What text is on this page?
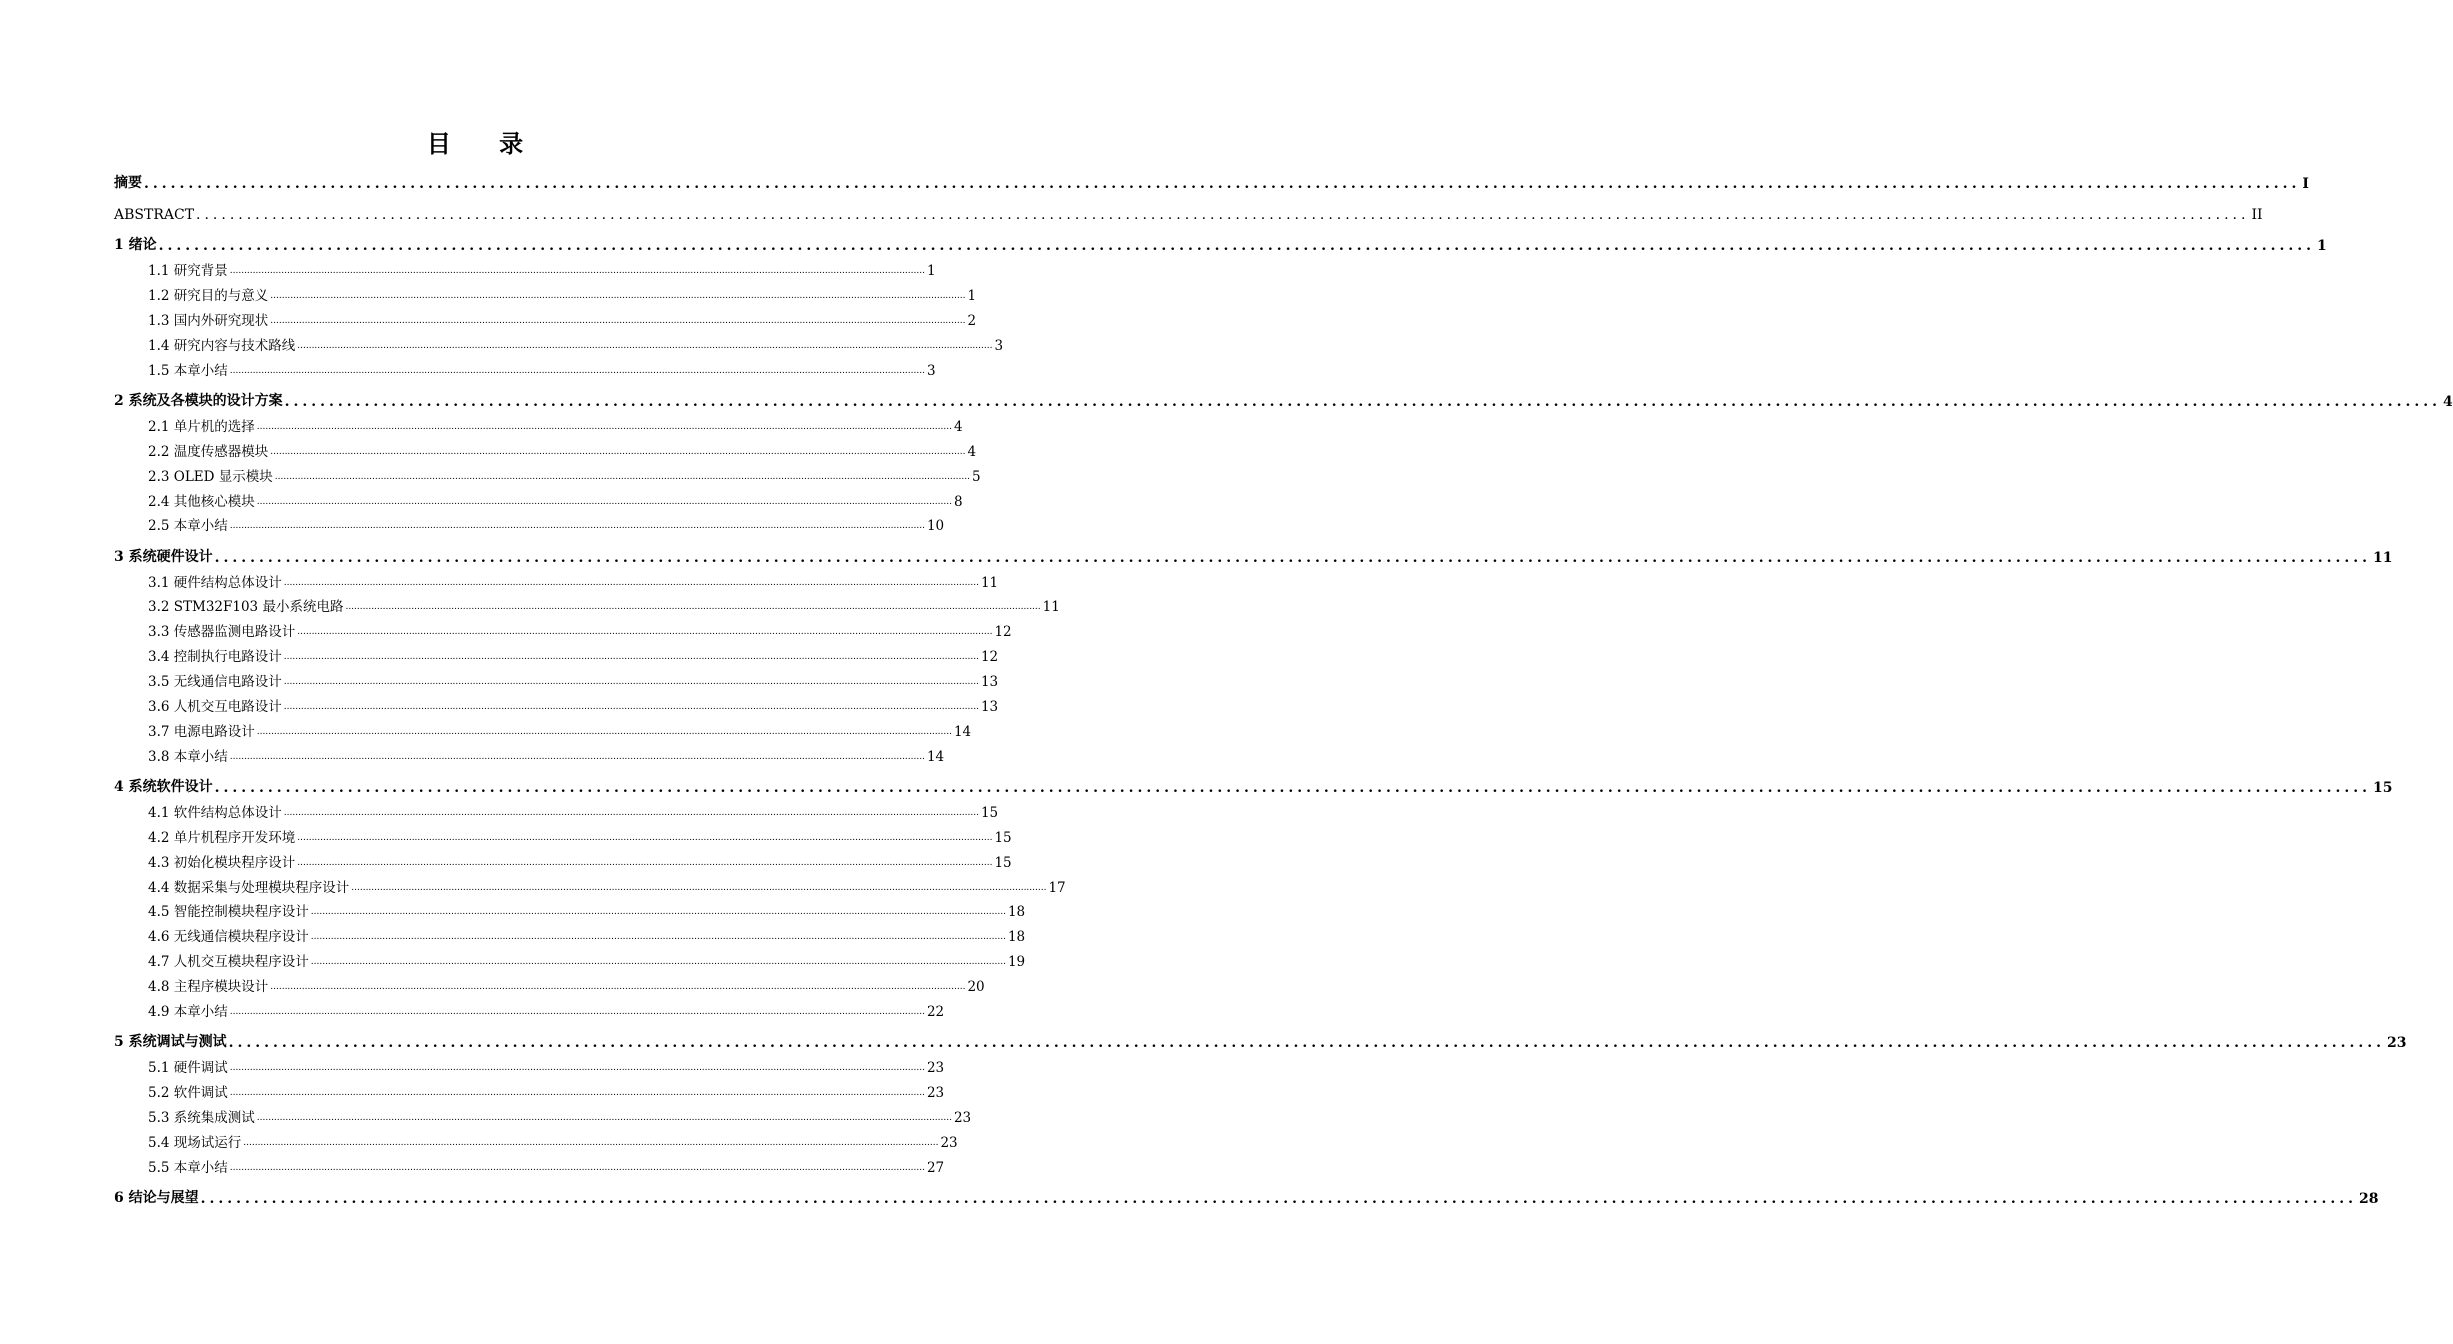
目 录
摘要 ................................................................................................................................................................................................................................................... I
ABSTRACT ................................................................................................................................................................................................................................................... II
1 绪论 ................................................................................................................................................................................................................................................... 1
1.1 研究背景 ................................................................................................................................................................................................................................................... 1
1.2 研究目的与意义 ................................................................................................................................................................................................................................................... 1
1.3 国内外研究现状 ................................................................................................................................................................................................................................................... 2
1.4 研究内容与技术路线 ................................................................................................................................................................................................................................................... 3
1.5 本章小结 ................................................................................................................................................................................................................................................... 3
2 系统及各模块的设计方案 ................................................................................................................................................................................................................................................... 4
2.1 单片机的选择 ................................................................................................................................................................................................................................................... 4
2.2 温度传感器模块 ................................................................................................................................................................................................................................................... 4
2.3 OLED 显示模块 ................................................................................................................................................................................................................................................... 5
2.4 其他核心模块 ................................................................................................................................................................................................................................................... 8
2.5 本章小结 ................................................................................................................................................................................................................................................... 10
3 系统硬件设计 ................................................................................................................................................................................................................................................... 11
3.1 硬件结构总体设计 ................................................................................................................................................................................................................................................... 11
3.2 STM32F103 最小系统电路 ................................................................................................................................................................................................................................................... 11
3.3 传感器监测电路设计 ................................................................................................................................................................................................................................................... 12
3.4 控制执行电路设计 ................................................................................................................................................................................................................................................... 12
3.5 无线通信电路设计 ................................................................................................................................................................................................................................................... 13
3.6 人机交互电路设计 ................................................................................................................................................................................................................................................... 13
3.7 电源电路设计 ................................................................................................................................................................................................................................................... 14
3.8 本章小结 ................................................................................................................................................................................................................................................... 14
4 系统软件设计 ................................................................................................................................................................................................................................................... 15
4.1 软件结构总体设计 ................................................................................................................................................................................................................................................... 15
4.2 单片机程序开发环境 ................................................................................................................................................................................................................................................... 15
4.3 初始化模块程序设计 ................................................................................................................................................................................................................................................... 15
4.4 数据采集与处理模块程序设计 ................................................................................................................................................................................................................................................... 17
4.5 智能控制模块程序设计 ................................................................................................................................................................................................................................................... 18
4.6 无线通信模块程序设计 ................................................................................................................................................................................................................................................... 18
4.7 人机交互模块程序设计 ................................................................................................................................................................................................................................................... 19
4.8 主程序模块设计 ................................................................................................................................................................................................................................................... 20
4.9 本章小结 ................................................................................................................................................................................................................................................... 22
5 系统调试与测试 ................................................................................................................................................................................................................................................... 23
5.1 硬件调试 ................................................................................................................................................................................................................................................... 23
5.2 软件调试 ................................................................................................................................................................................................................................................... 23
5.3 系统集成测试 ................................................................................................................................................................................................................................................... 23
5.4 现场试运行 ................................................................................................................................................................................................................................................... 23
5.5 本章小结 ................................................................................................................................................................................................................................................... 27
6 结论与展望 ................................................................................................................................................................................................................................................... 28
